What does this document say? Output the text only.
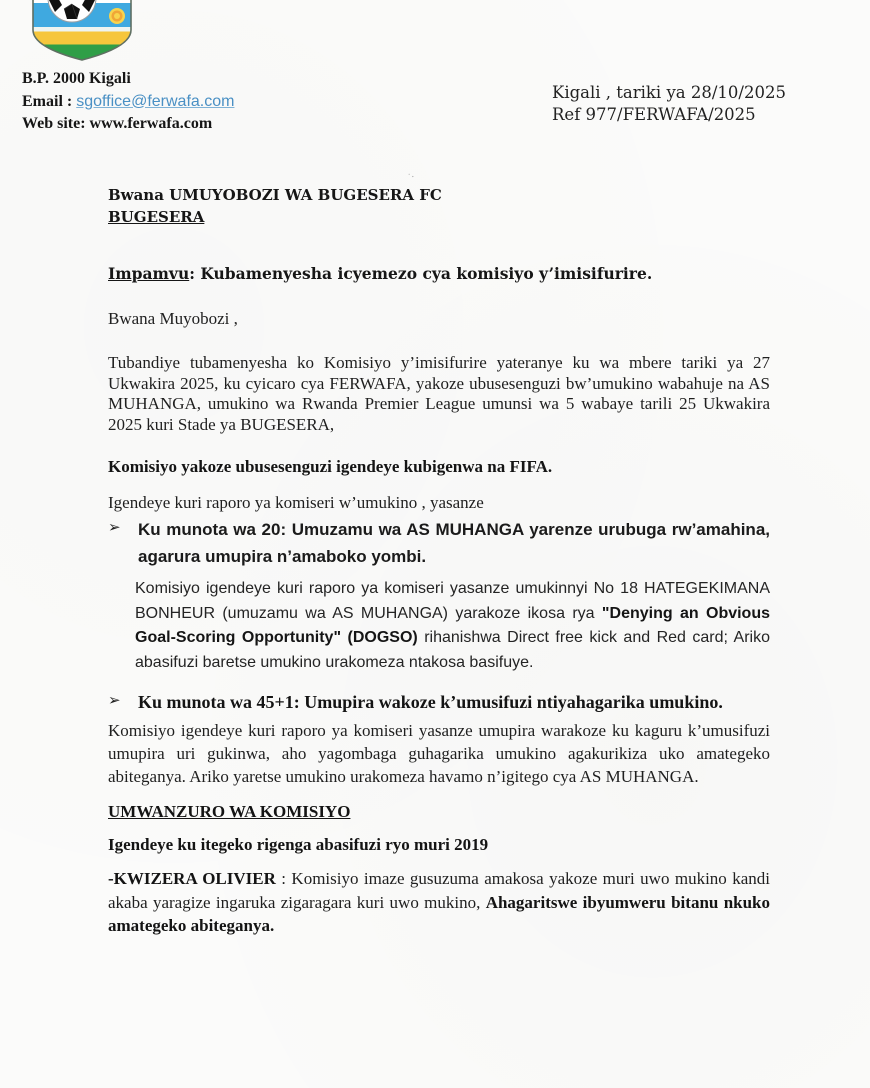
B.P. 2000 Kigali
Email : sgoffice@ferwafa.com
Web site: www.ferwafa.com
Kigali , tariki ya 28/10/2025
Ref 977/FERWAFA/2025
˙·
Bwana UMUYOBOZI WA BUGESERA FC
BUGESERA
Impamvu: Kubamenyesha icyemezo cya komisiyo y’imisifurire.
Bwana Muyobozi ,
Tubandiye tubamenyesha ko Komisiyo y’imisifurire yateranye ku wa mbere tariki ya 27 Ukwakira 2025, ku cyicaro cya FERWAFA, yakoze ubusesenguzi bw’umukino wabahuje na AS MUHANGA, umukino wa Rwanda Premier League umunsi wa 5 wabaye tarili 25 Ukwakira 2025 kuri Stade ya BUGESERA,
Komisiyo yakoze ubusesenguzi igendeye kubigenwa na FIFA.
Igendeye kuri raporo ya komiseri w’umukino , yasanze
➢	Ku munota wa 20: Umuzamu wa AS MUHANGA yarenze urubuga rw’amahina, agarura umupira n’amaboko yombi.
Komisiyo igendeye kuri raporo ya komiseri yasanze umukinnyi No 18 HATEGEKIMANA BONHEUR (umuzamu wa AS MUHANGA) yarakoze ikosa rya "Denying an Obvious Goal-Scoring Opportunity" (DOGSO) rihanishwa Direct free kick and Red card; Ariko abasifuzi baretse umukino urakomeza ntakosa basifuye.
➢ Ku munota wa 45+1: Umupira wakoze k’umusifuzi ntiyahagarika umukino.
Komisiyo igendeye kuri raporo ya komiseri yasanze umupira warakoze ku kaguru k’umusifuzi umupira uri gukinwa, aho yagombaga guhagarika umukino agakurikiza uko amategeko abiteganya. Ariko yaretse umukino urakomeza havamo n’igitego cya AS MUHANGA.
UMWANZURO WA KOMISIYO
Igendeye ku itegeko rigenga abasifuzi ryo muri 2019
-KWIZERA OLIVIER : Komisiyo imaze gusuzuma amakosa yakoze muri uwo mukino kandi akaba yaragize ingaruka zigaragara kuri uwo mukino, Ahagaritswe ibyumweru bitanu nkuko amategeko abiteganya.
